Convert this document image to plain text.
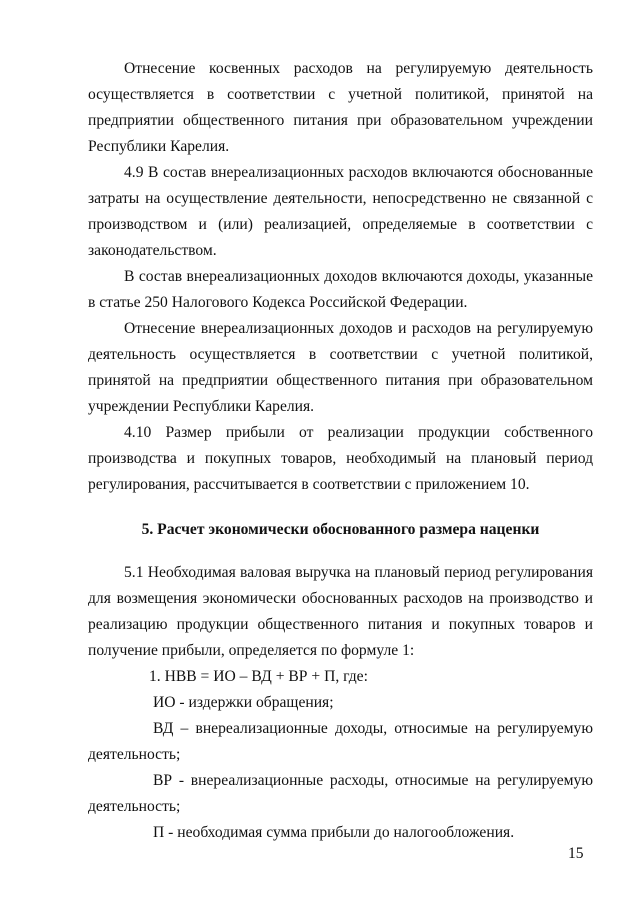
Отнесение косвенных расходов на регулируемую деятельность осуществляется в соответствии с учетной политикой, принятой на предприятии общественного питания при образовательном учреждении Республики Карелия.

4.9 В состав внереализационных расходов включаются обоснованные затраты на осуществление деятельности, непосредственно не связанной с производством и (или) реализацией, определяемые в соответствии с законодательством.

В состав внереализационных доходов включаются доходы, указанные в статье 250 Налогового Кодекса Российской Федерации.

Отнесение внереализационных доходов и расходов на регулируемую деятельность осуществляется в соответствии с учетной политикой, принятой на предприятии общественного питания при образовательном учреждении Республики Карелия.

4.10 Размер прибыли от реализации продукции собственного производства и покупных товаров, необходимый на плановый период регулирования, рассчитывается в соответствии с приложением 10.

5. Расчет экономически обоснованного размера наценки

5.1 Необходимая валовая выручка на плановый период регулирования для возмещения экономически обоснованных расходов на производство и реализацию продукции общественного питания и покупных товаров и получение прибыли, определяется по формуле 1:

1. НВВ = ИО – ВД + ВР + П, где:

ИО - издержки обращения;

ВД – внереализационные доходы, относимые на регулируемую деятельность;

ВР - внереализационные расходы, относимые на регулируемую деятельность;

П - необходимая сумма прибыли до налогообложения.

15
